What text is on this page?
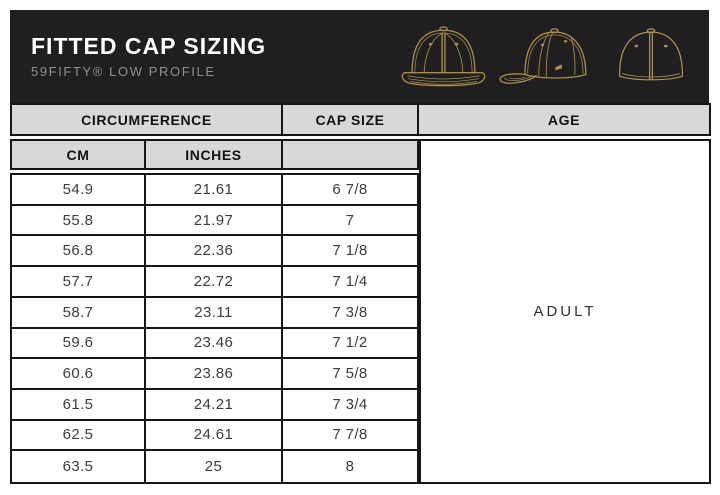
FITTED CAP SIZING
59FIFTY® LOW PROFILE
CIRCUMFERENCE	CAP SIZE	AGE
CM	INCHES
ADULT
54.9	21.61	6 7/8
55.8	21.97	7
56.8	22.36	7 1/8
57.7	22.72	7 1/4
58.7	23.11	7 3/8
59.6	23.46	7 1/2
60.6	23.86	7 5/8
61.5	24.21	7 3/4
62.5	24.61	7 7/8
63.5	25	8
